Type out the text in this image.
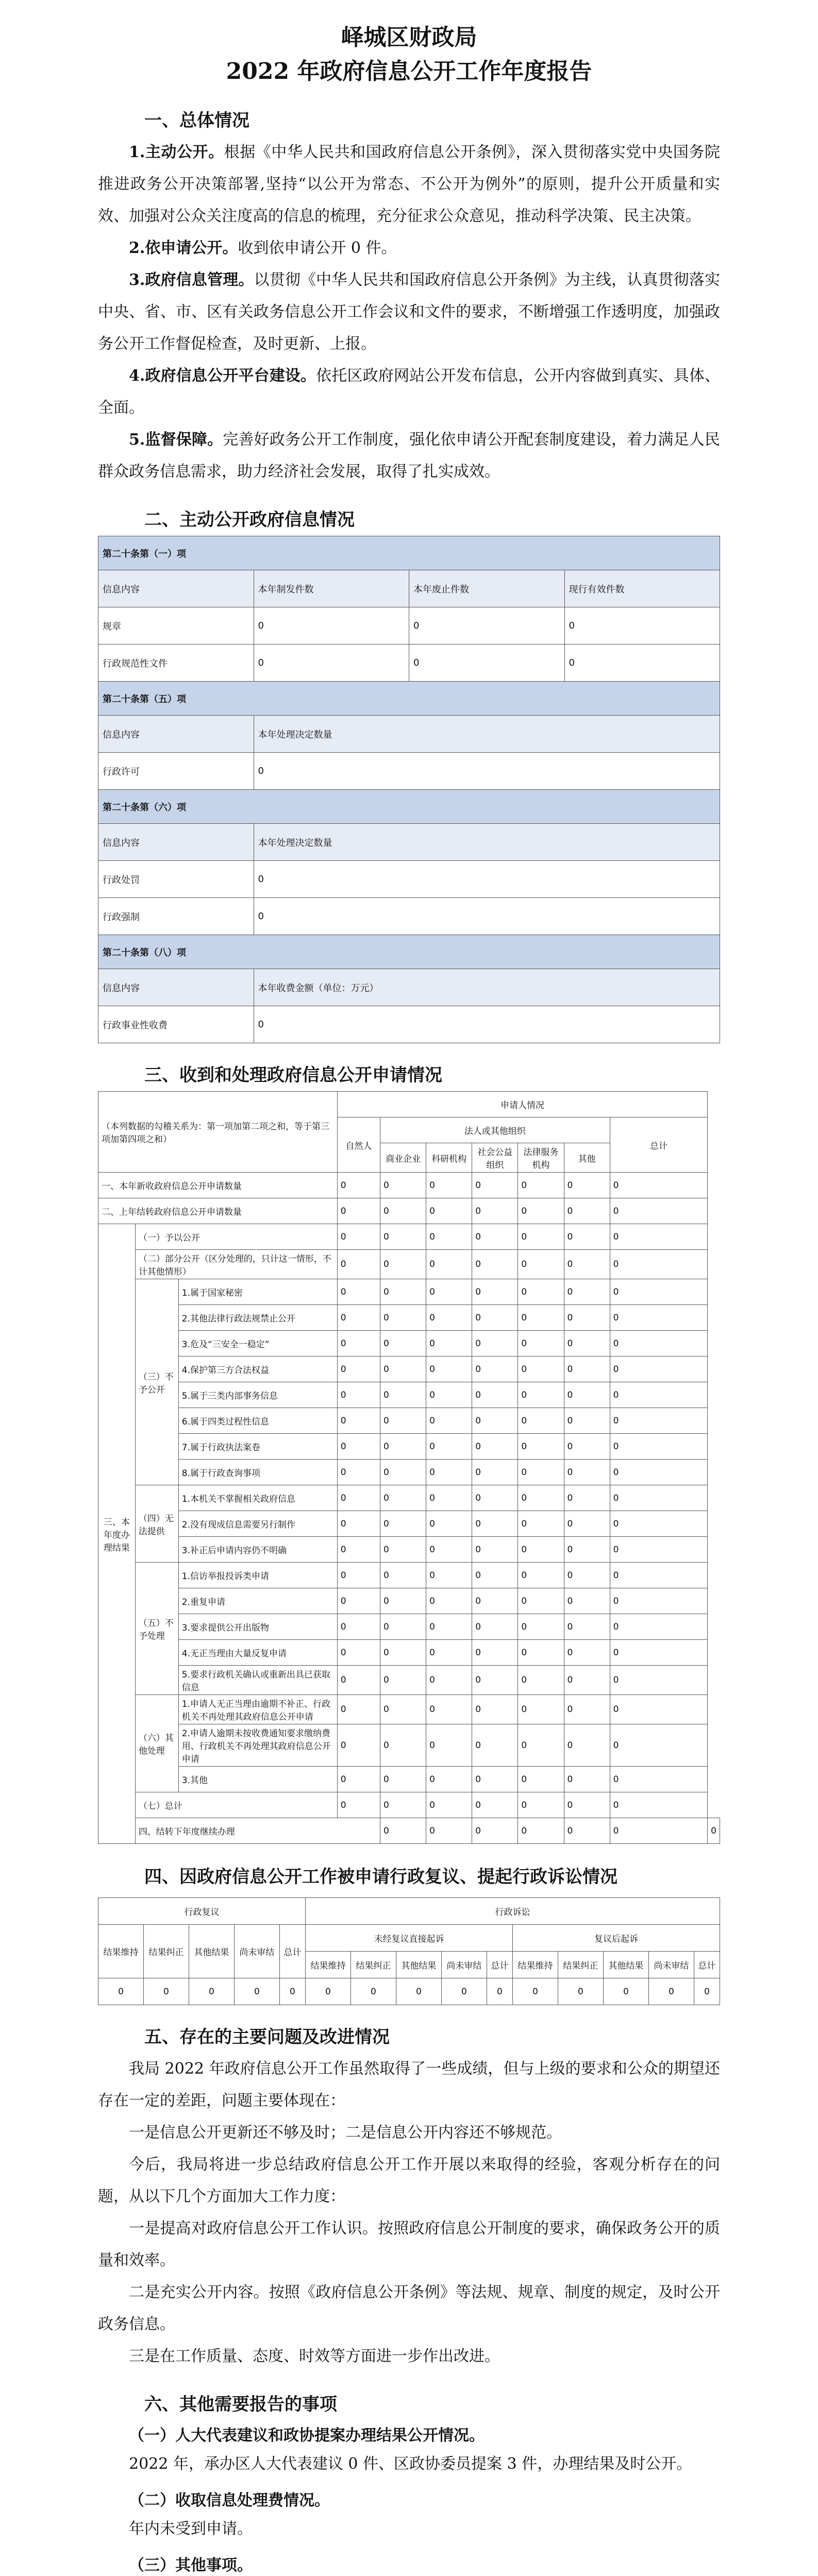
峄城区财政局
2022 年政府信息公开工作年度报告
一、总体情况

1.主动公开。根据《中华人民共和国政府信息公开条例》，深入贯彻落实党中央国务院推进政务公开决策部署,坚持“以公开为常态、不公开为例外”的原则，提升公开质量和实效、加强对公众关注度高的信息的梳理，充分征求公众意见，推动科学决策、民主决策。

2.依申请公开。收到依申请公开 0 件。

3.政府信息管理。以贯彻《中华人民共和国政府信息公开条例》为主线，认真贯彻落实中央、省、市、区有关政务信息公开工作会议和文件的要求，不断增强工作透明度，加强政务公开工作督促检查，及时更新、上报。

4.政府信息公开平台建设。依托区政府网站公开发布信息，公开内容做到真实、具体、全面。

5.监督保障。完善好政务公开工作制度，强化依申请公开配套制度建设，着力满足人民群众政务信息需求，助力经济社会发展，取得了扎实成效。

二、主动公开政府信息情况
第二十条第（一）项			
信息内容	本年制发件数	本年废止件数	现行有效件数
规章	0	0	0
行政规范性文件	0	0	0
第二十条第（五）项			
信息内容	本年处理决定数量		
行政许可	0		
第二十条第（六）项			
信息内容	本年处理决定数量		
行政处罚	0		
行政强制	0		
第二十条第（八）项			
信息内容	本年收费金额（单位：万元）		
行政事业性收费	0		
三、收到和处理政府信息公开申请情况
（本列数据的勾稽关系为：第一项加第二项之和，等于第三项加第四项之和）			申请人情况							
			自然人	法人或其他组织					总计	
				商业企业	科研机构	社会公益组织	法律服务机构	其他		
一、本年新收政府信息公开申请数量			0	0	0	0	0	0	0	
二、上年结转政府信息公开申请数量			0	0	0	0	0	0	0	
三、本年度办理结果	（一）予以公开		0	0	0	0	0	0	0	
	（二）部分公开（区分处理的，只计这一情形，不计其他情形）		0	0	0	0	0	0	0	
	（三）不予公开	1.属于国家秘密	0	0	0	0	0	0	0	
		2.其他法律行政法规禁止公开	0	0	0	0	0	0	0	
		3.危及“三安全一稳定”	0	0	0	0	0	0	0	
		4.保护第三方合法权益	0	0	0	0	0	0	0	
		5.属于三类内部事务信息	0	0	0	0	0	0	0	
		6.属于四类过程性信息	0	0	0	0	0	0	0	
		7.属于行政执法案卷	0	0	0	0	0	0	0	
		8.属于行政查询事项	0	0	0	0	0	0	0	
	（四）无法提供	1.本机关不掌握相关政府信息	0	0	0	0	0	0	0	
		2.没有现成信息需要另行制作	0	0	0	0	0	0	0	
		3.补正后申请内容仍不明确	0	0	0	0	0	0	0	
	（五）不予处理	1.信访举报投诉类申请	0	0	0	0	0	0	0	
		2.重复申请	0	0	0	0	0	0	0	
		3.要求提供公开出版物	0	0	0	0	0	0	0	
		4.无正当理由大量反复申请	0	0	0	0	0	0	0	
		5.要求行政机关确认或重新出具已获取信息	0	0	0	0	0	0	0	
	（六）其他处理	1.申请人无正当理由逾期不补正、行政机关不再处理其政府信息公开申请	0	0	0	0	0	0	0	
		2.申请人逾期未按收费通知要求缴纳费用、行政机关不再处理其政府信息公开申请	0	0	0	0	0	0	0	
		3.其他	0	0	0	0	0	0	0	
	（七）总计		0	0	0	0	0	0	0	
	四、结转下年度继续办理			0	0	0	0	0	0	0
四、因政府信息公开工作被申请行政复议、提起行政诉讼情况
行政复议					行政诉讼									
结果维持	结果纠正	其他结果	尚未审结	总计	未经复议直接起诉					复议后起诉				
					结果维持	结果纠正	其他结果	尚未审结	总计	结果维持	结果纠正	其他结果	尚未审结	总计
0	0	0	0	0	0	0	0	0	0	0	0	0	0	0
五、存在的主要问题及改进情况

我局 2022 年政府信息公开工作虽然取得了一些成绩，但与上级的要求和公众的期望还存在一定的差距，问题主要体现在：

一是信息公开更新还不够及时；二是信息公开内容还不够规范。

今后，我局将进一步总结政府信息公开工作开展以来取得的经验，客观分析存在的问题，从以下几个方面加大工作力度：

一是提高对政府信息公开工作认识。按照政府信息公开制度的要求，确保政务公开的质量和效率。

二是充实公开内容。按照《政府信息公开条例》等法规、规章、制度的规定，及时公开政务信息。

三是在工作质量、态度、时效等方面进一步作出改进。

六、其他需要报告的事项
（一）人大代表建议和政协提案办理结果公开情况。

2022 年，承办区人大代表建议 0 件、区政协委员提案 3 件，办理结果及时公开。

（二）收取信息处理费情况。

年内未受到申请。

（三）其他事项。
